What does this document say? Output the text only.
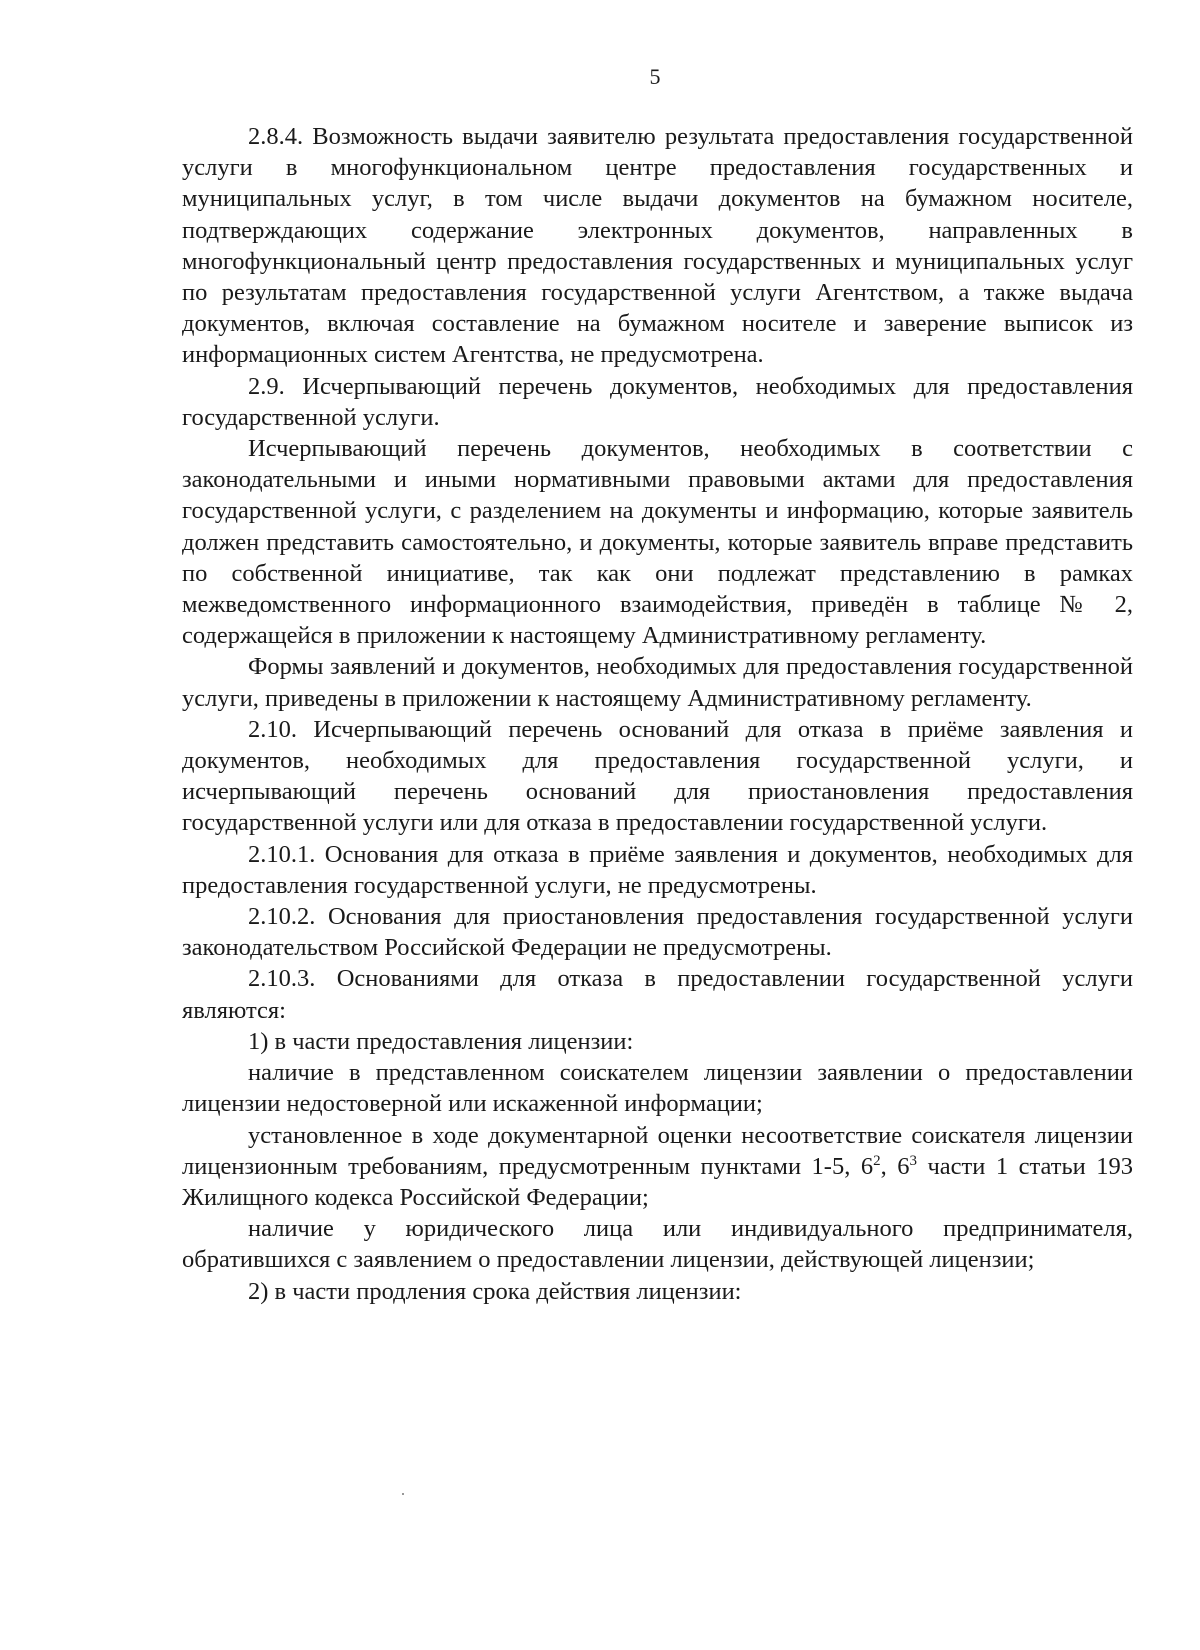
5

2.8.4. Возможность выдачи заявителю результата предоставления государственной услуги в многофункциональном центре предоставления государственных и муниципальных услуг, в том числе выдачи документов на бумажном носителе, подтверждающих содержание электронных документов, направленных в многофункциональный центр предоставления государственных и муниципальных услуг по результатам предоставления государственной услуги Агентством, а также выдача документов, включая составление на бумажном носителе и заверение выписок из информационных систем Агентства, не предусмотрена.

2.9. Исчерпывающий перечень документов, необходимых для предоставления государственной услуги.

Исчерпывающий перечень документов, необходимых в соответствии с законодательными и иными нормативными правовыми актами для предоставления государственной услуги, с разделением на документы и информацию, которые заявитель должен представить самостоятельно, и документы, которые заявитель вправе представить по собственной инициативе, так как они подлежат представлению в рамках межведомственного информационного взаимодействия, приведён в таблице № 2, содержащейся в приложении к настоящему Административному регламенту.

Формы заявлений и документов, необходимых для предоставления государственной услуги, приведены в приложении к настоящему Административному регламенту.

2.10. Исчерпывающий перечень оснований для отказа в приёме заявления и документов, необходимых для предоставления государственной услуги, и исчерпывающий перечень оснований для приостановления предоставления государственной услуги или для отказа в предоставлении государственной услуги.

2.10.1. Основания для отказа в приёме заявления и документов, необходимых для предоставления государственной услуги, не предусмотрены.

2.10.2. Основания для приостановления предоставления государственной услуги законодательством Российской Федерации не предусмотрены.

2.10.3. Основаниями для отказа в предоставлении государственной услуги являются:

1) в части предоставления лицензии:

наличие в представленном соискателем лицензии заявлении о предоставлении лицензии недостоверной или искаженной информации;

установленное в ходе документарной оценки несоответствие соискателя лицензии лицензионным требованиям, предусмотренным пунктами 1-5, $6^2$, $6^3$ части 1 статьи 193 Жилищного кодекса Российской Федерации;

наличие у юридического лица или индивидуального предпринимателя, обратившихся с заявлением о предоставлении лицензии, действующей лицензии;

2) в части продления срока действия лицензии:
